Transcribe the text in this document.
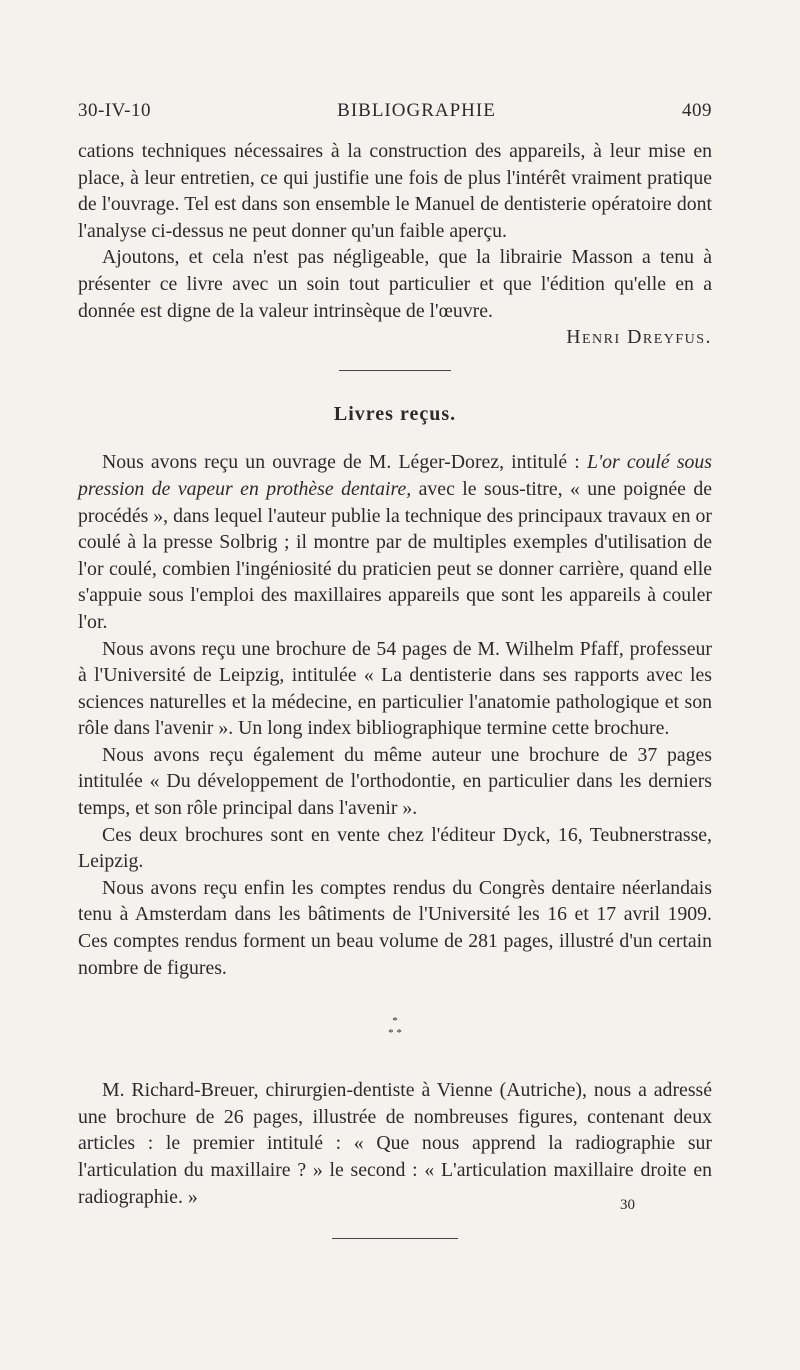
30-IV-10	BIBLIOGRAPHIE	409

cations techniques nécessaires à la construction des appareils, à leur mise en place, à leur entretien, ce qui justifie une fois de plus l'intérêt vraiment pratique de l'ouvrage. Tel est dans son ensemble le Manuel de dentisterie opératoire dont l'analyse ci-dessus ne peut donner qu'un faible aperçu.

Ajoutons, et cela n'est pas négligeable, que la librairie Masson a tenu à présenter ce livre avec un soin tout particulier et que l'édition qu'elle en a donnée est digne de la valeur intrinsèque de l'œuvre.

Henri Dreyfus.
Livres reçus.

Nous avons reçu un ouvrage de M. Léger-Dorez, intitulé : L'or coulé sous pression de vapeur en prothèse dentaire, avec le sous-titre, « une poignée de procédés », dans lequel l'auteur publie la technique des principaux travaux en or coulé à la presse Solbrig ; il montre par de multiples exemples d'utilisation de l'or coulé, combien l'ingéniosité du praticien peut se donner carrière, quand elle s'appuie sous l'emploi des maxillaires appareils que sont les appareils à couler l'or.

Nous avons reçu une brochure de 54 pages de M. Wilhelm Pfaff, professeur à l'Université de Leipzig, intitulée « La dentisterie dans ses rapports avec les sciences naturelles et la médecine, en particulier l'anatomie pathologique et son rôle dans l'avenir ». Un long index bibliographique termine cette brochure.

Nous avons reçu également du même auteur une brochure de 37 pages intitulée « Du développement de l'orthodontie, en particulier dans les derniers temps, et son rôle principal dans l'avenir ».

Ces deux brochures sont en vente chez l'éditeur Dyck, 16, Teubnerstrasse, Leipzig.

Nous avons reçu enfin les comptes rendus du Congrès dentaire néerlandais tenu à Amsterdam dans les bâtiments de l'Université les 16 et 17 avril 1909. Ces comptes rendus forment un beau volume de 281 pages, illustré d'un certain nombre de figures.

*
* *

M. Richard-Breuer, chirurgien-dentiste à Vienne (Autriche), nous a adressé une brochure de 26 pages, illustrée de nombreuses figures, contenant deux articles : le premier intitulé : « Que nous apprend la radiographie sur l'articulation du maxillaire ? » le second : « L'articulation maxillaire droite en radiographie. »	30
